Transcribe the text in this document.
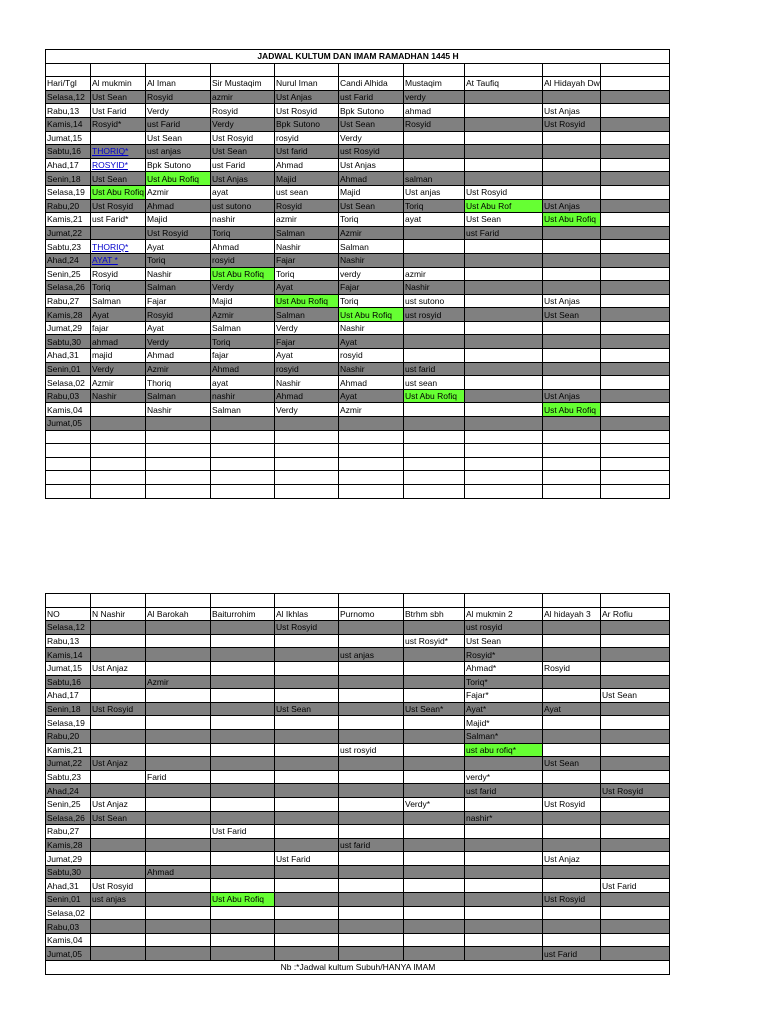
JADWAL KULTUM DAN IMAM RAMADHAN 1445 H									

Hari/Tgl	Al mukmin	Al Iman	Sir Mustaqim	Nurul Iman	Candi Alhida	Mustaqim	At Taufiq	Al Hidayah Dw	
Selasa,12	Ust Sean	Rosyid	azmir	Ust Anjas	ust Farid	verdy			
Rabu,13	Ust Farid	Verdy	Rosyid	Ust Rosyid	Bpk Sutono	ahmad		Ust Anjas	
Kamis,14	Rosyid*	ust Farid	Verdy	Bpk Sutono	Ust Sean	Rosyid		Ust Rosyid	
Jumat,15		Ust Sean	Ust Rosyid	rosyid	Verdy				
Sabtu,16	THORIQ*	ust anjas	Ust Sean	Ust farid	ust Rosyid				
Ahad,17	ROSYID*	Bpk Sutono	ust Farid	Ahmad	Ust Anjas				
Senin,18	Ust Sean	Ust Abu Rofiq	Ust Anjas	Majid	Ahmad	salman			
Selasa,19	Ust Abu Rofiq	Azmir	ayat	ust sean	Majid	Ust anjas	Ust Rosyid		
Rabu,20	Ust Rosyid	Ahmad	ust sutono	Rosyid	Ust Sean	Toriq	Ust Abu Rof	Ust Anjas	
Kamis,21	ust Farid*	Majid	nashir	azmir	Toriq	ayat	Ust Sean	Ust Abu Rofiq	
Jumat,22		Ust Rosyid	Toriq	Salman	Azmir		ust Farid		
Sabtu,23	THORIQ*	Ayat	Ahmad	Nashir	Salman				
Ahad,24	AYAT *	Toriq	rosyid	Fajar	Nashir				
Senin,25	Rosyid	Nashir	Ust Abu Rofiq	Toriq	verdy	azmir			
Selasa,26	Toriq	Salman	Verdy	Ayat	Fajar	Nashir			
Rabu,27	Salman	Fajar	Majid	Ust Abu Rofiq	Toriq	ust sutono		Ust Anjas	
Kamis,28	Ayat	Rosyid	Azmir	Salman	Ust Abu Rofiq	ust rosyid		Ust Sean	
Jumat,29	fajar	Ayat	Salman	Verdy	Nashir				
Sabtu,30	ahmad	Verdy	Toriq	Fajar	Ayat				
Ahad,31	majid	Ahmad	fajar	Ayat	rosyid				
Senin,01	Verdy	Azmir	Ahmad	rosyid	Nashir	ust farid			
Selasa,02	Azmir	Thoriq	ayat	Nashir	Ahmad	ust sean			
Rabu,03	Nashir	Salman	nashir	Ahmad	Ayat	Ust Abu Rofiq		Ust Anjas	
Kamis,04		Nashir	Salman	Verdy	Azmir			Ust Abu Rofiq	
Jumat,05									

NO	N Nashir	Al Barokah	Baiturrohim	Al Ikhlas	Purnomo	Btrhm sbh	Al mukmin 2	Al hidayah 3	Ar Rofiu
Selasa,12				Ust Rosyid			ust rosyid		
Rabu,13						ust Rosyid*	Ust Sean		
Kamis,14					ust anjas		Rosyid*		
Jumat,15	Ust Anjaz						Ahmad*	Rosyid	
Sabtu,16		Azmir					Toriq*		
Ahad,17							Fajar*		Ust Sean
Senin,18	Ust Rosyid			Ust Sean		Ust Sean*	Ayat*	Ayat	
Selasa,19							Majid*		
Rabu,20							Salman*		
Kamis,21					ust rosyid		ust abu rofiq*		
Jumat,22	Ust Anjaz							Ust Sean	
Sabtu,23		Farid					verdy*		
Ahad,24							ust farid		Ust Rosyid
Senin,25	Ust Anjaz					Verdy*		Ust Rosyid	
Selasa,26	Ust Sean						nashir*		
Rabu,27			Ust Farid						
Kamis,28					ust farid				
Jumat,29				Ust Farid				Ust Anjaz	
Sabtu,30		Ahmad							
Ahad,31	Ust Rosyid								Ust Farid
Senin,01	ust anjas		Ust Abu Rofiq					Ust Rosyid	
Selasa,02									
Rabu,03									
Kamis,04									
Jumat,05								ust Farid	
Nb :*Jadwal kultum Subuh/HANYA IMAM									
